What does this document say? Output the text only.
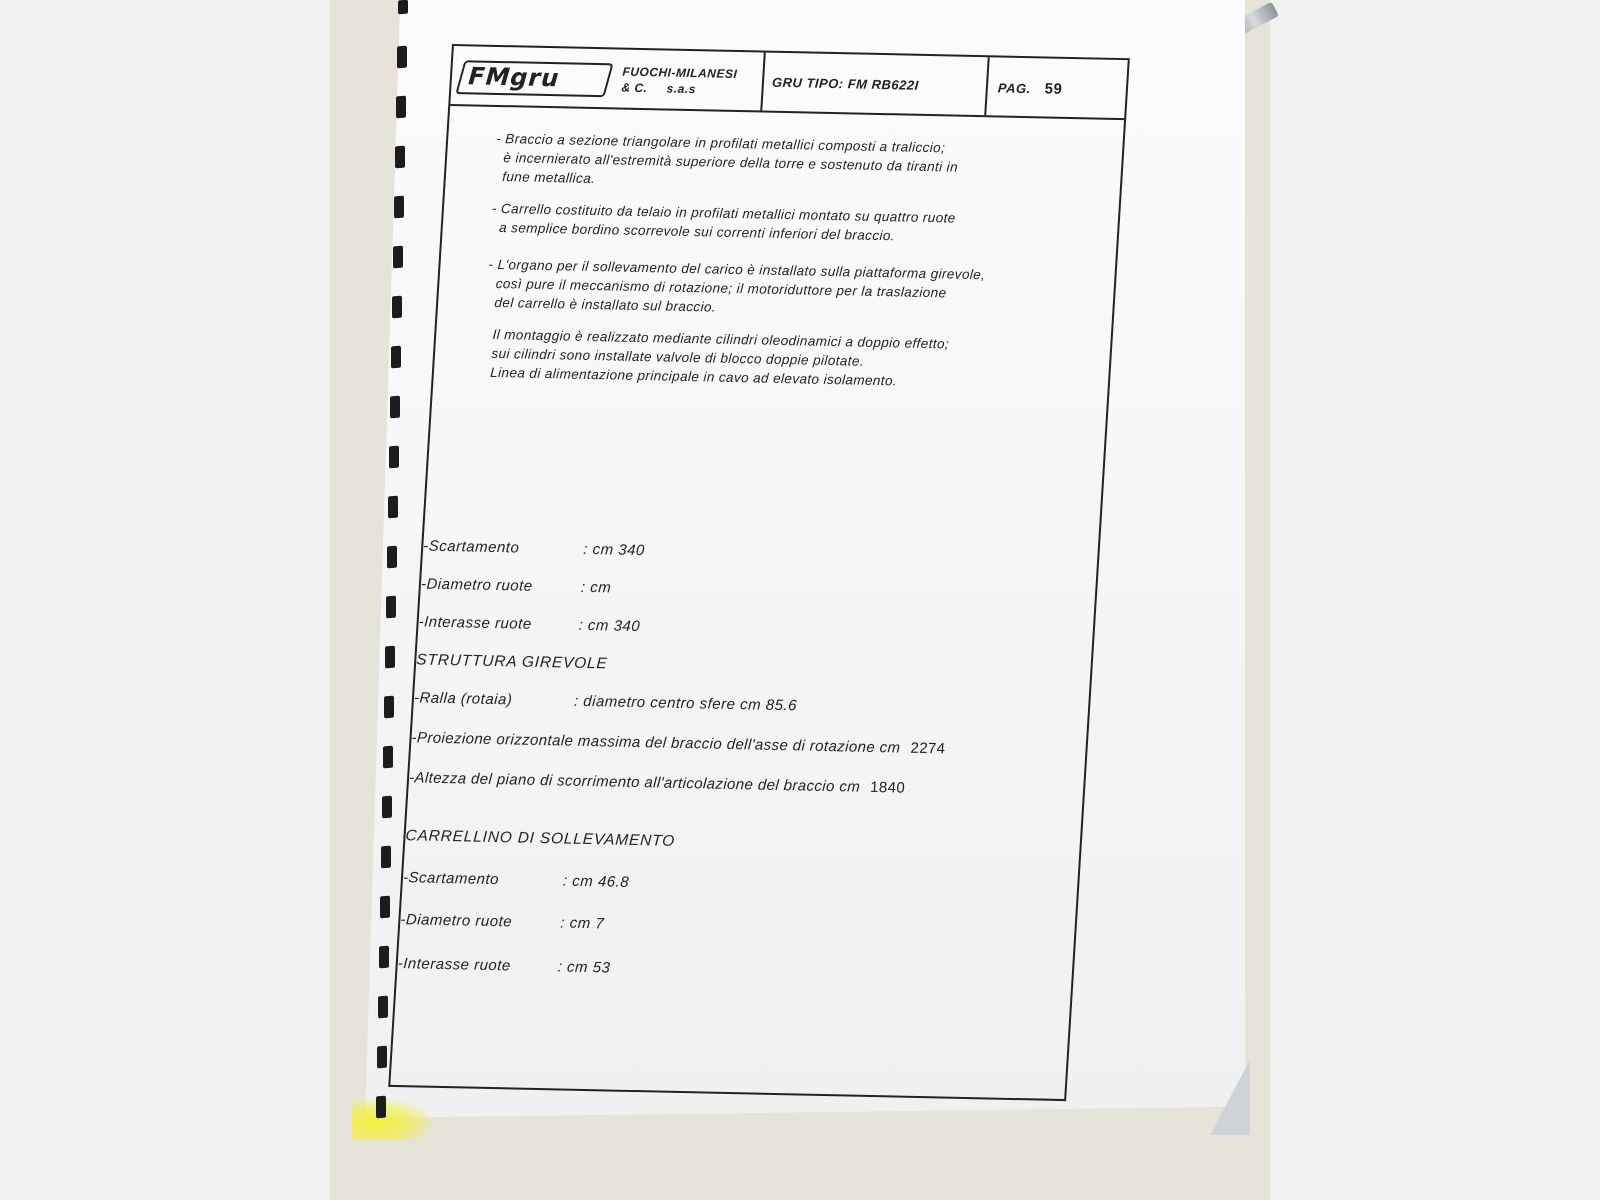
FMgru	FUOCHI-MILANESI
& C.     s.a.s	GRU TIPO: FM RB622I	PAG. 59
- Braccio a sezione triangolare in profilati metallici composti a traliccio;
è incernierato all'estremità superiore della torre e sostenuto da tiranti in
fune metallica.
- Carrello costituito da telaio in profilati metallici montato su quattro ruote
a semplice bordino scorrevole sui correnti inferiori del braccio.
- L'organo per il sollevamento del carico è installato sulla piattaforma girevole,
così pure il meccanismo di rotazione; il motoriduttore per la traslazione
del carrello è installato sul braccio.
Il montaggio è realizzato mediante cilindri oleodinamici a doppio effetto;
sui cilindri sono installate valvole di blocco doppie pilotate.
Linea di alimentazione principale in cavo ad elevato isolamento.
-Scartamento	: cm 340
-Diametro ruote	: cm
-Interasse ruote	: cm 340
STRUTTURA GIREVOLE
-Ralla (rotaia)	: diametro centro sfere cm 85.6
-Proiezione orizzontale massima del braccio dell'asse di rotazione cm 2274
-Altezza del piano di scorrimento all'articolazione del braccio cm 1840
CARRELLINO DI SOLLEVAMENTO
-Scartamento	: cm 46.8
-Diametro ruote	: cm 7
-Interasse ruote	: cm 53
